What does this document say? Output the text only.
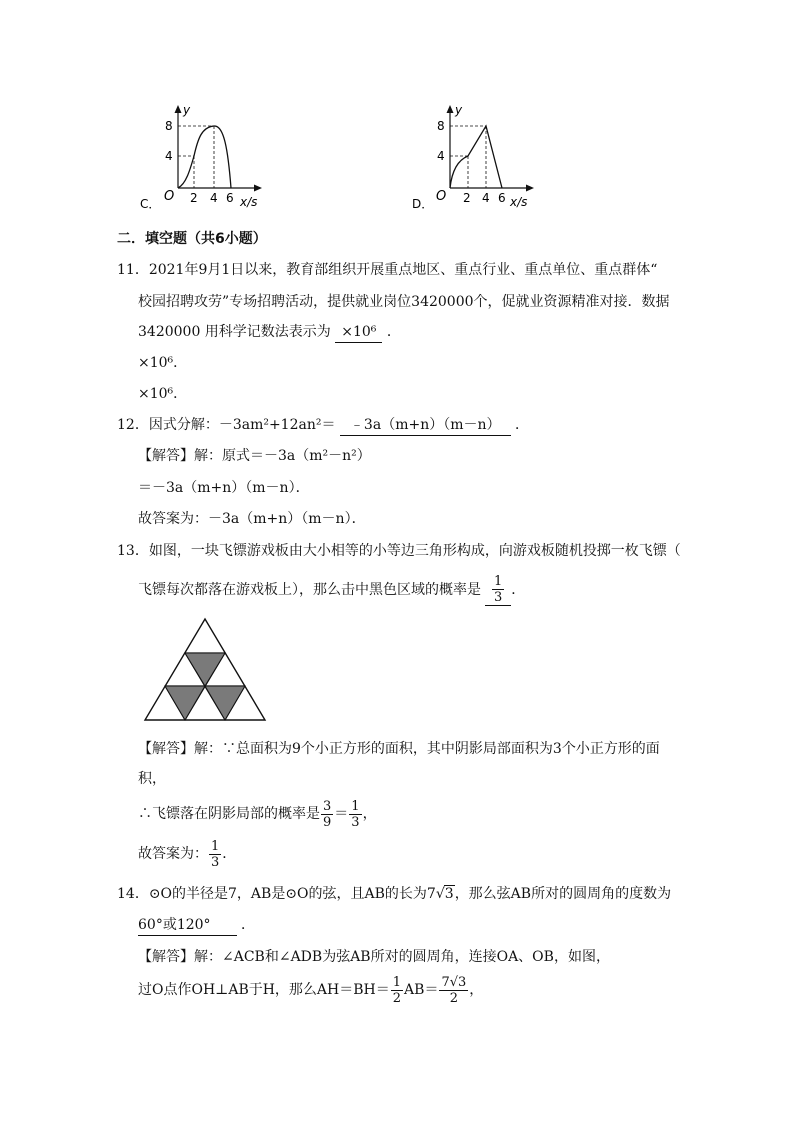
y
8
4
O 2 4 6 x/s
C．
y
8
4
O 2 4 6 x/s
D．
二．填空题（共6小题）
11．2021年9月1日以来，教育部组织开展重点地区、重点行业、重点单位、重点群体“
校园招聘攻劳”专场招聘活动，提供就业岗位3420000个，促就业资源精准对接．数据
3420000 用科学记数法表示为 ×10⁶ ．
×10⁶．
×10⁶．
12．因式分解：－3am²+12an²＝ ﹣3a（m+n）（m－n） ．
【解答】解：原式＝－3a（m²－n²）
＝－3a（m+n）（m－n）．
故答案为：－3a（m+n）（m－n）．
13．如图，一块飞镖游戏板由大小相等的小等边三角形构成，向游戏板随机投掷一枚飞镖（
飞镖每次都落在游戏板上），那么击中黑色区域的概率是 $\frac{1}{3}$ ．
【解答】解：∵总面积为9个小正方形的面积，其中阴影局部面积为3个小正方形的面
积，
∴飞镖落在阴影局部的概率是 $\frac{3}{9} = \frac{1}{3}$ ，
故答案为： $\frac{1}{3}$ ．
14．⊙O的半径是7，AB是⊙O的弦，且AB的长为7√3，那么弦AB所对的圆周角的度数为
60°或120° ．
【解答】解：∠ACB和∠ADB为弦AB所对的圆周角，连接OA、OB，如图，
过O点作OH⊥AB于H，那么$AH=BH= \frac{1}{2} AB= \frac{7√3}{2}$ ，
